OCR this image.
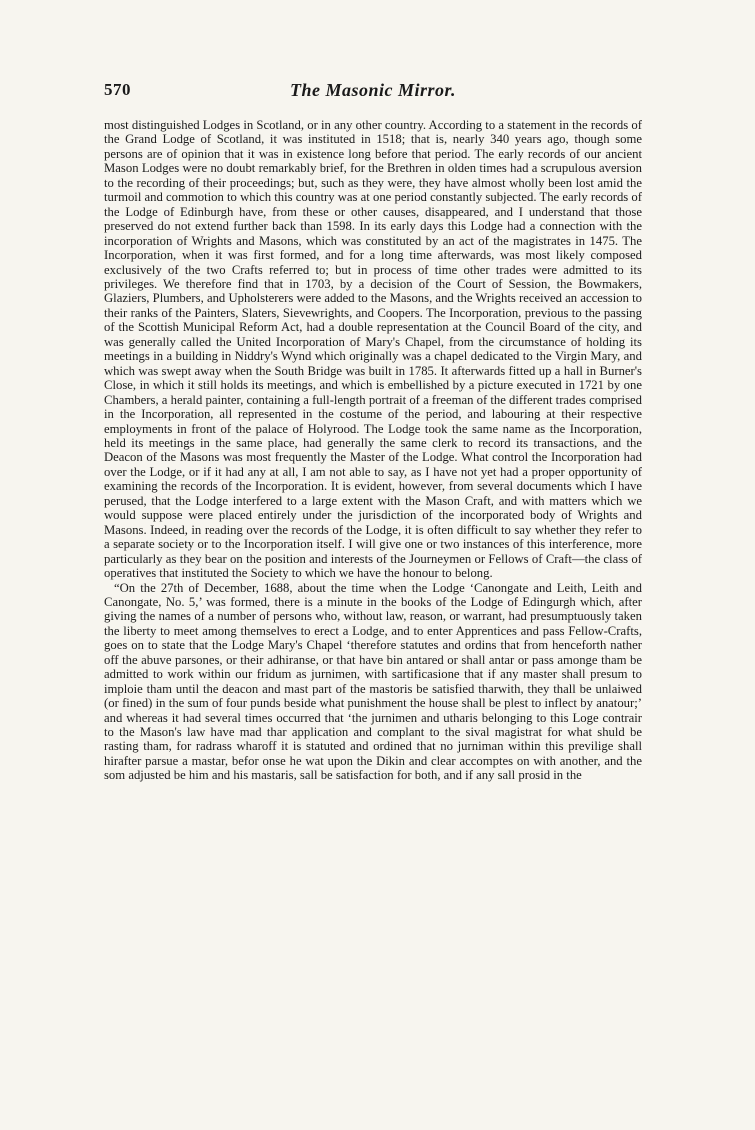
570	The Masonic Mirror.

most distinguished Lodges in Scotland, or in any other country. According to a statement in the records of the Grand Lodge of Scotland, it was instituted in 1518; that is, nearly 340 years ago, though some persons are of opinion that it was in existence long before that period. The early records of our ancient Mason Lodges were no doubt remarkably brief, for the Brethren in olden times had a scrupulous aversion to the recording of their proceedings; but, such as they were, they have almost wholly been lost amid the turmoil and commotion to which this country was at one period constantly subjected. The early records of the Lodge of Edinburgh have, from these or other causes, disappeared, and I understand that those preserved do not extend further back than 1598. In its early days this Lodge had a connection with the incorporation of Wrights and Masons, which was constituted by an act of the magistrates in 1475. The Incorporation, when it was first formed, and for a long time afterwards, was most likely composed exclusively of the two Crafts referred to; but in process of time other trades were admitted to its privileges. We therefore find that in 1703, by a decision of the Court of Session, the Bowmakers, Glaziers, Plumbers, and Upholsterers were added to the Masons, and the Wrights received an accession to their ranks of the Painters, Slaters, Sievewrights, and Coopers. The Incorporation, previous to the passing of the Scottish Municipal Reform Act, had a double representation at the Council Board of the city, and was generally called the United Incorporation of Mary's Chapel, from the circumstance of holding its meetings in a building in Niddry's Wynd which originally was a chapel dedicated to the Virgin Mary, and which was swept away when the South Bridge was built in 1785. It afterwards fitted up a hall in Burner's Close, in which it still holds its meetings, and which is embellished by a picture executed in 1721 by one Chambers, a herald painter, containing a full-length portrait of a freeman of the different trades comprised in the Incorporation, all represented in the costume of the period, and labouring at their respective employments in front of the palace of Holyrood. The Lodge took the same name as the Incorporation, held its meetings in the same place, had generally the same clerk to record its transactions, and the Deacon of the Masons was most frequently the Master of the Lodge. What control the Incorporation had over the Lodge, or if it had any at all, I am not able to say, as I have not yet had a proper opportunity of examining the records of the Incorporation. It is evident, however, from several documents which I have perused, that the Lodge interfered to a large extent with the Mason Craft, and with matters which we would suppose were placed entirely under the jurisdiction of the incorporated body of Wrights and Masons. Indeed, in reading over the records of the Lodge, it is often difficult to say whether they refer to a separate society or to the Incorporation itself. I will give one or two instances of this interference, more particularly as they bear on the position and interests of the Journeymen or Fellows of Craft—the class of operatives that instituted the Society to which we have the honour to belong.

“On the 27th of December, 1688, about the time when the Lodge ‘Canongate and Leith, Leith and Canongate, No. 5,’ was formed, there is a minute in the books of the Lodge of Edingurgh which, after giving the names of a number of persons who, without law, reason, or warrant, had presumptuously taken the liberty to meet among themselves to erect a Lodge, and to enter Apprentices and pass Fellow-Crafts, goes on to state that the Lodge Mary's Chapel ‘therefore statutes and ordins that from henceforth nather off the abuve parsones, or their adhiranse, or that have bin antared or shall antar or pass amonge tham be admitted to work within our fridum as jurnimen, with sartificasione that if any master shall presum to imploie tham until the deacon and mast part of the mastoris be satisfied tharwith, they thall be unlaiwed (or fined) in the sum of four punds beside what punishment the house shall be plest to inflect by anatour;’ and whereas it had several times occurred that ‘the jurnimen and utharis belonging to this Loge contrair to the Mason's law have mad thar application and complant to the sival magistrat for what shuld be rasting tham, for radrass wharoff it is statuted and ordined that no jurniman within this previlige shall hirafter parsue a mastar, befor onse he wat upon the Dikin and clear accomptes on with another, and the som adjusted be him and his mastaris, sall be satisfaction for both, and if any sall prosid in the
